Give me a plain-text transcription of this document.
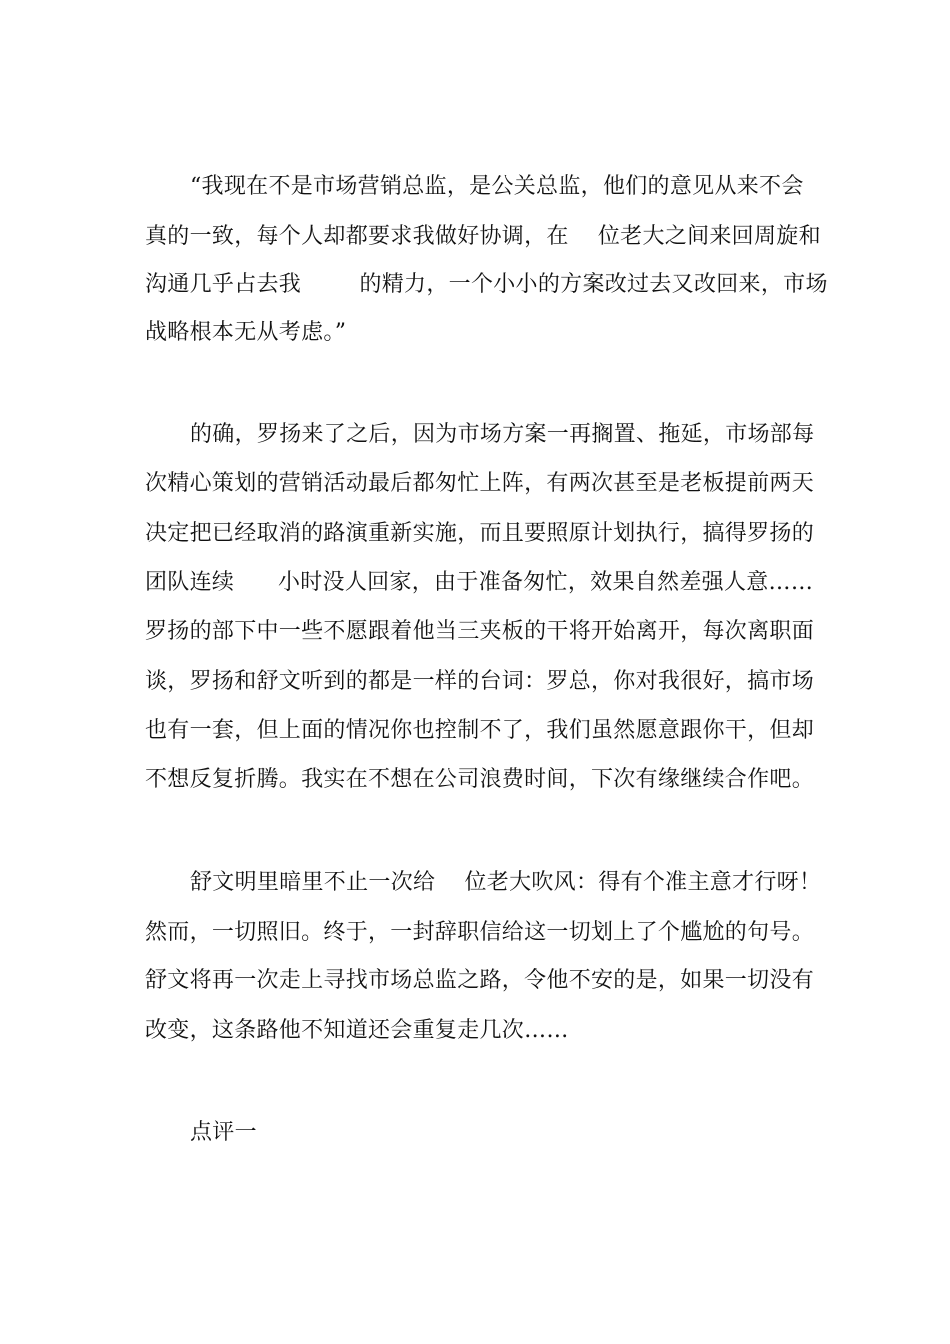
“我现在不是市场营销总监，是公关总监，他们的意见从来不会
真的一致，每个人却都要求我做好协调，在    位老大之间来回周旋和
沟通几乎占去我        的精力，一个小小的方案改过去又改回来，市场
战略根本无从考虑。”
的确，罗扬来了之后，因为市场方案一再搁置、拖延，市场部每
次精心策划的营销活动最后都匆忙上阵，有两次甚至是老板提前两天
决定把已经取消的路演重新实施，而且要照原计划执行，搞得罗扬的
团队连续      小时没人回家，由于准备匆忙，效果自然差强人意……
罗扬的部下中一些不愿跟着他当三夹板的干将开始离开，每次离职面
谈，罗扬和舒文听到的都是一样的台词：罗总，你对我很好，搞市场
也有一套，但上面的情况你也控制不了，我们虽然愿意跟你干，但却
不想反复折腾。我实在不想在公司浪费时间，下次有缘继续合作吧。
舒文明里暗里不止一次给    位老大吹风：得有个准主意才行呀！
然而，一切照旧。终于，一封辞职信给这一切划上了个尴尬的句号。
舒文将再一次走上寻找市场总监之路，令他不安的是，如果一切没有
改变，这条路他不知道还会重复走几次……
点评一
